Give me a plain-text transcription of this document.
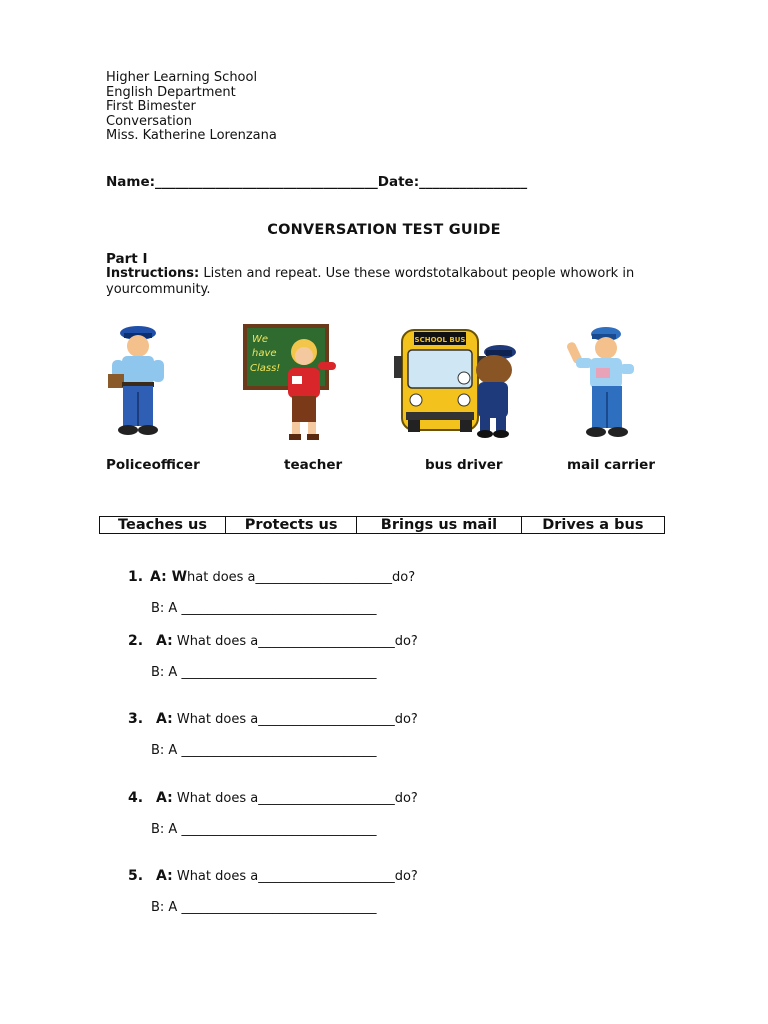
Higher Learning School
English Department
First Bimester
Conversation
Miss. Katherine Lorenzana
Name:_________________________________Date:________________
CONVERSATION TEST GUIDE
Part I
Instructions: Listen and repeat. Use these wordstotalkabout people whowork in yourcommunity.
We
have
Class!
SCHOOL BUS
Policeofficer	teacher	bus driver	mail carrier
Teaches us	Protects us	Brings us mail	Drives a bus
1. A: What does a_____________________do?
B: A ______________________________
2. A: What does a_____________________do?
B: A ______________________________
3. A: What does a_____________________do?
B: A ______________________________
4. A: What does a_____________________do?
B: A ______________________________
5. A: What does a_____________________do?
B: A ______________________________
